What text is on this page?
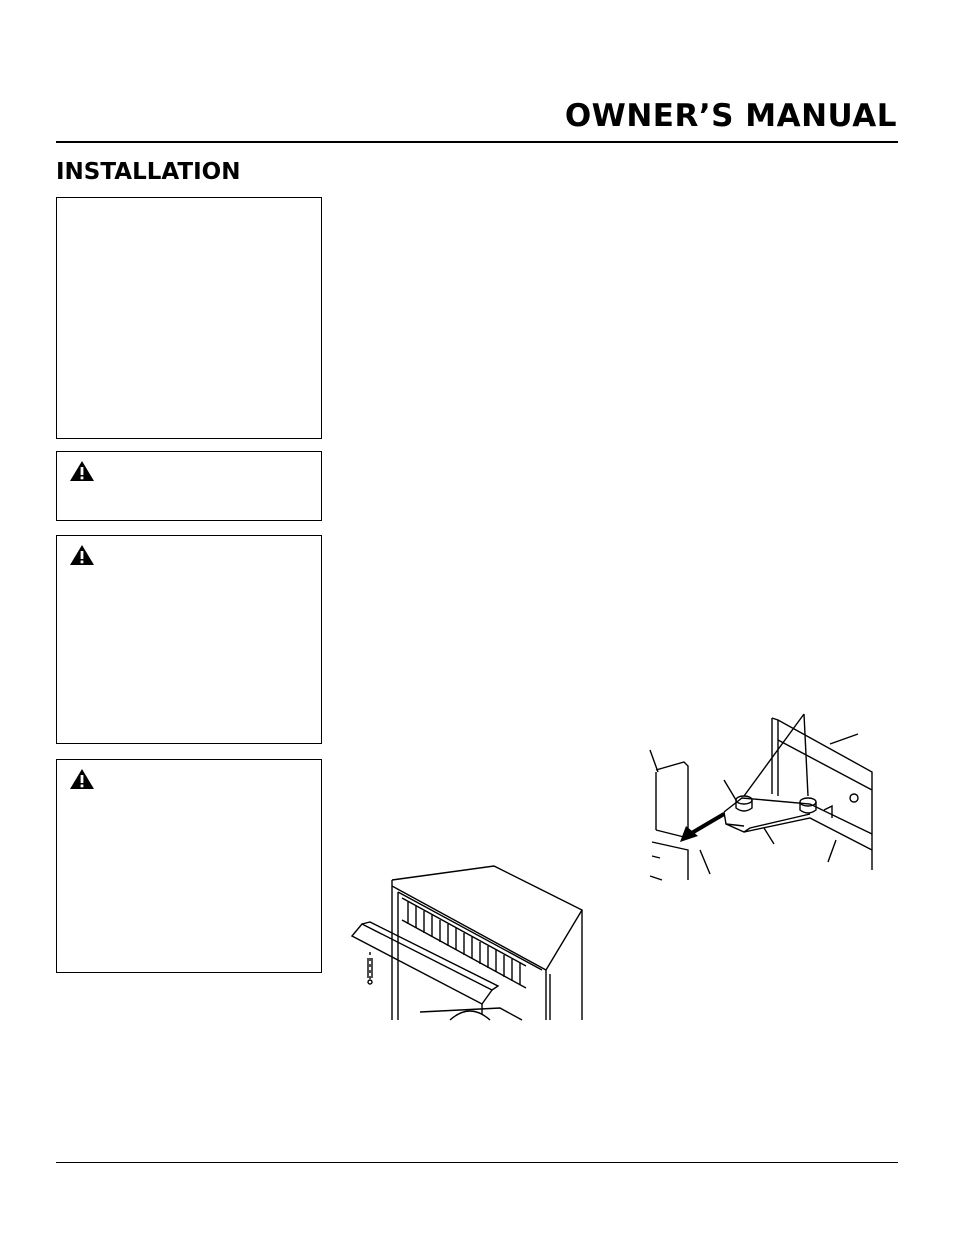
OWNER’S MANUAL
INSTALLATION
